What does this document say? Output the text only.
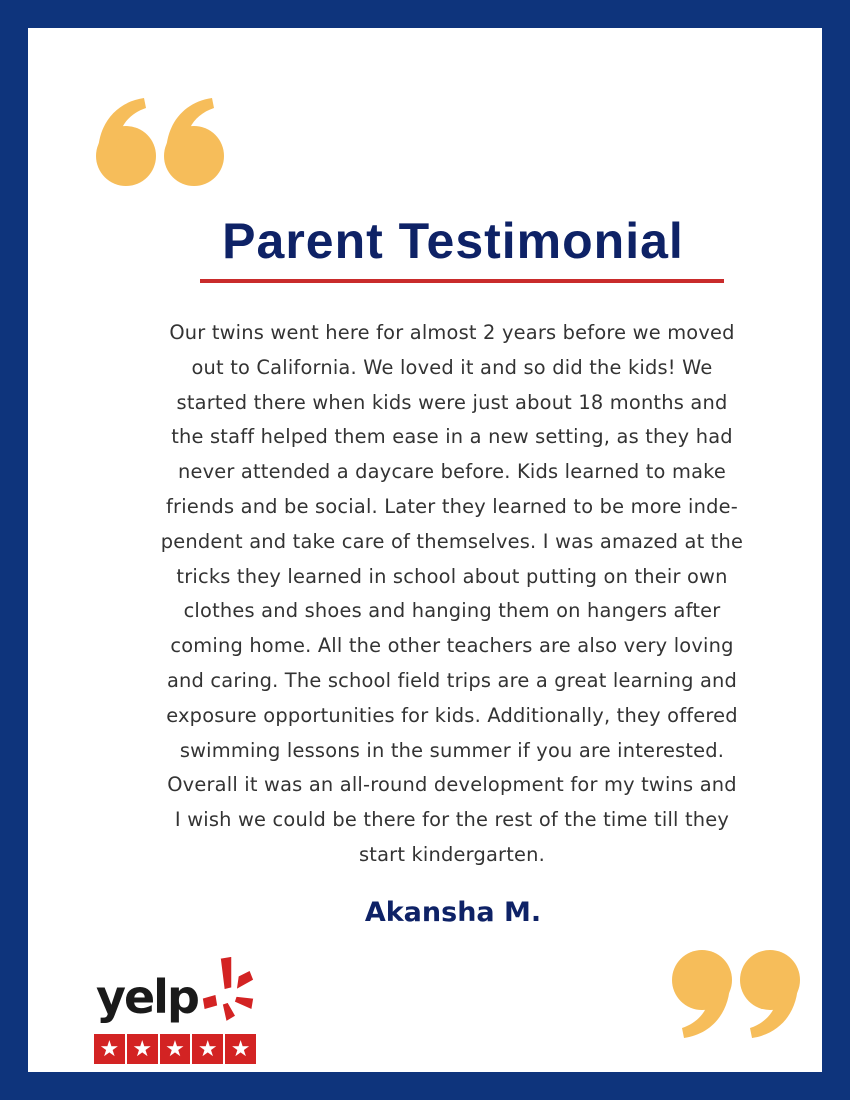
Parent Testimonial
Our twins went here for almost 2 years before we moved
out to California. We loved it and so did the kids! We
started there when kids were just about 18 months and
the staff helped them ease in a new setting, as they had
never attended a daycare before. Kids learned to make
friends and be social. Later they learned to be more inde-
pendent and take care of themselves. I was amazed at the
tricks they learned in school about putting on their own
clothes and shoes and hanging them on hangers after
coming home. All the other teachers are also very loving
and caring. The school field trips are a great learning and
exposure opportunities for kids. Additionally, they offered
swimming lessons in the summer if you are interested.
Overall it was an all-round development for my twins and
I wish we could be there for the rest of the time till they
start kindergarten.
Akansha M.
yelp
★ ★ ★ ★ ★
